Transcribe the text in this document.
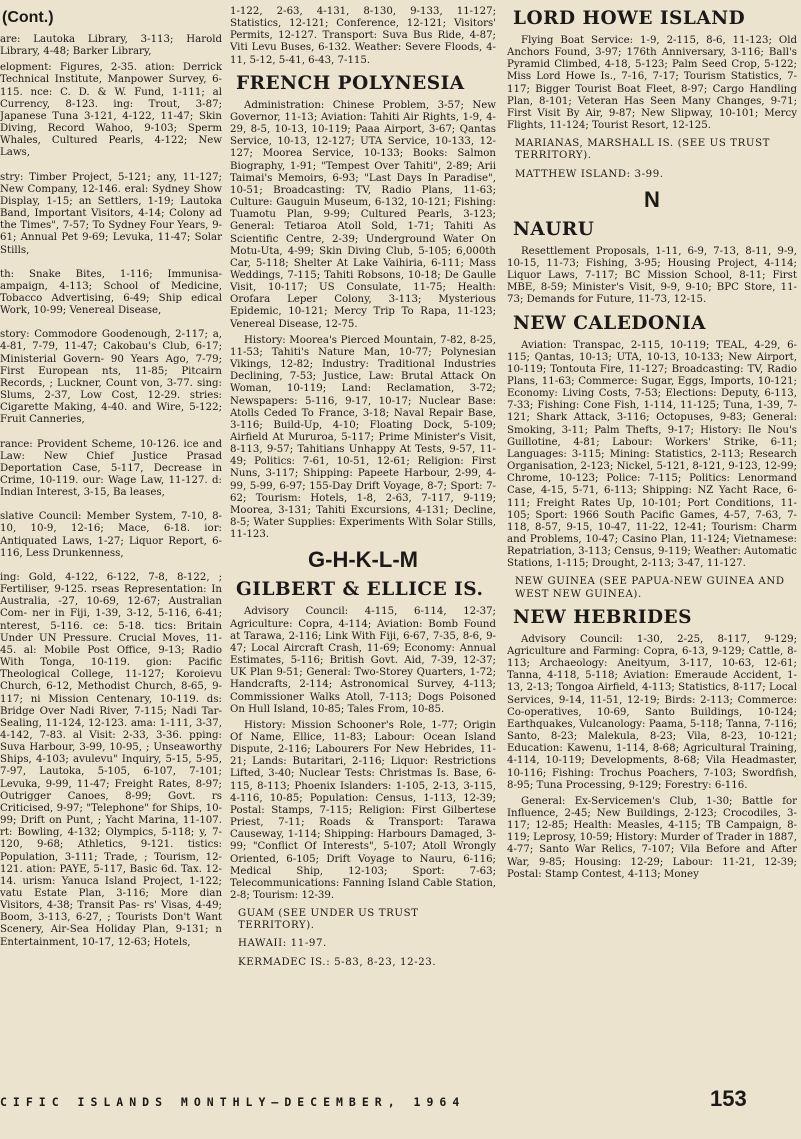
(Cont.)
are: Lautoka Library, 3-113; Harold Library, 4-48; Barker Library,
elopment: Figures, 2-35. ation: Derrick Technical Institute, Manpower Survey, 6-115. nce: C. D. & W. Fund, 1-111; al Currency, 8-123. ing: Trout, 3-87; Japanese Tuna 3-121, 4-122, 11-47; Skin Diving, Record Wahoo, 9-103; Sperm Whales, Cultured Pearls, 4-122; New Laws,
stry: Timber Project, 5-121; any, 11-127; New Company, 12-146. eral: Sydney Show Display, 1-15; an Settlers, 1-19; Lautoka Band, Important Visitors, 4-14; Colony ad the Times", 7-57; To Sydney Four Years, 9-61; Annual Pet 9-69; Levuka, 11-47; Solar Stills,
th: Snake Bites, 1-116; Immunisa- ampaign, 4-113; School of Medicine, Tobacco Advertising, 6-49; Ship edical Work, 10-99; Venereal Disease,
story: Commodore Goodenough, 2-117; a, 4-81, 7-79, 11-47; Cakobau's Club, 6-17; Ministerial Govern- 90 Years Ago, 7-79; First European nts, 11-85; Pitcairn Records, ; Luckner, Count von, 3-77. sing: Slums, 2-37, Low Cost, 12-29. stries: Cigarette Making, 4-40. and Wire, 5-122; Fruit Canneries,
rance: Provident Scheme, 10-126. ice and Law: New Chief Justice Prasad Deportation Case, 5-117, Decrease in Crime, 10-119. our: Wage Law, 11-127. d: Indian Interest, 3-15, Ba leases,
slative Council: Member System, 7-10, 8-10, 10-9, 12-16; Mace, 6-18. ior: Antiquated Laws, 1-27; Liquor Report, 6-116, Less Drunkenness,
ing: Gold, 4-122, 6-122, 7-8, 8-122, ; Fertiliser, 9-125. rseas Representation: In Australia, -27, 10-69, 12-67; Australian Com- ner in Fiji, 1-39, 3-12, 5-116, 6-41; nterest, 5-116. ce: 5-18. tics: Britain Under UN Pressure. Crucial Moves, 11-45. al: Mobile Post Office, 9-13; Radio With Tonga, 10-119. gion: Pacific Theological College, 11-127; Koroievu Church, 6-12, Methodist Church, 8-65, 9-117; ni Mission Centenary, 10-119. ds: Bridge Over Nadi River, 7-115; Nadi Tar-Sealing, 11-124, 12-123. ama: 1-111, 3-37, 4-142, 7-83. al Visit: 2-33, 3-36. pping: Suva Harbour, 3-99, 10-95, ; Unseaworthy Ships, 4-103; avulevu" Inquiry, 5-15, 5-95, 7-97, Lautoka, 5-105, 6-107, 7-101; Levuka, 9-99, 11-47; Freight Rates, 8-97; Outrigger Canoes, 8-99; Govt. rs Criticised, 9-97; "Telephone" for Ships, 10-99; Drift on Punt, ; Yacht Marina, 11-107. rt: Bowling, 4-132; Olympics, 5-118; y, 7-120, 9-68; Athletics, 9-121. tistics: Population, 3-111; Trade, ; Tourism, 12-121. ation: PAYE, 5-117, Basic 6d. Tax. 12-14. urism: Yanuca Island Project, 1-122; vatu Estate Plan, 3-116; More dian Visitors, 4-38; Transit Pas- rs' Visas, 4-49; Boom, 3-113, 6-27, ; Tourists Don't Want Scenery, Air-Sea Holiday Plan, 9-131; n Entertainment, 10-17, 12-63; Hotels,
1-122, 2-63, 4-131, 8-130, 9-133, 11-127; Statistics, 12-121; Conference, 12-121; Visitors' Permits, 12-127. Transport: Suva Bus Ride, 4-87; Viti Levu Buses, 6-132. Weather: Severe Floods, 4-11, 5-12, 5-41, 6-43, 7-115.
FRENCH POLYNESIA
Administration: Chinese Problem, 3-57; New Governor, 11-13; Aviation: Tahiti Air Rights, 1-9, 4-29, 8-5, 10-13, 10-119; Paaa Airport, 3-67; Qantas Service, 10-13, 12-127; UTA Service, 10-133, 12-127; Moorea Service, 10-133; Books: Salmon Biography, 1-91; "Tempest Over Tahiti", 2-89; Arii Taimai's Memoirs, 6-93; "Last Days In Paradise", 10-51; Broadcasting: TV, Radio Plans, 11-63; Culture: Gauguin Museum, 6-132, 10-121; Fishing: Tuamotu Plan, 9-99; Cultured Pearls, 3-123; General: Tetiaroa Atoll Sold, 1-71; Tahiti As Scientific Centre, 2-39; Underground Water On Motu-Uta, 4-99; Skin Diving Club, 5-105; 6,000th Car, 5-118; Shelter At Lake Vaihiria, 6-111; Mass Weddings, 7-115; Tahiti Robsons, 10-18; De Gaulle Visit, 10-117; US Consulate, 11-75; Health: Orofara Leper Colony, 3-113; Mysterious Epidemic, 10-121; Mercy Trip To Rapa, 11-123; Venereal Disease, 12-75.
History: Moorea's Pierced Mountain, 7-82, 8-25, 11-53; Tahiti's Nature Man, 10-77; Polynesian Vikings, 12-82; Industry: Traditional Industries Declining, 7-53; Justice, Law: Brutal Attack On Woman, 10-119; Land: Reclamation, 3-72; Newspapers: 5-116, 9-17, 10-17; Nuclear Base: Atolls Ceded To France, 3-18; Naval Repair Base, 3-116; Build-Up, 4-10; Floating Dock, 5-109; Airfield At Mururoa, 5-117; Prime Minister's Visit, 8-113, 9-57; Tahitians Unhappy At Tests, 9-57, 11-49; Politics: 7-61, 10-51, 12-61; Religion: First Nuns, 3-117; Shipping: Papeete Harbour, 2-99, 4-99, 5-99, 6-97; 155-Day Drift Voyage, 8-7; Sport: 7-62; Tourism: Hotels, 1-8, 2-63, 7-117, 9-119; Moorea, 3-131; Tahiti Excursions, 4-131; Decline, 8-5; Water Supplies: Experiments With Solar Stills, 11-123.
G-H-K-L-M
GILBERT & ELLICE IS.
Advisory Council: 4-115, 6-114, 12-37; Agriculture: Copra, 4-114; Aviation: Bomb Found at Tarawa, 2-116; Link With Fiji, 6-67, 7-35, 8-6, 9-47; Local Aircraft Crash, 11-69; Economy: Annual Estimates, 5-116; British Govt. Aid, 7-39, 12-37; UK Plan 9-51; General: Two-Storey Quarters, 1-72; Handcrafts, 2-114; Astronomical Survey, 4-113; Commissioner Walks Atoll, 7-113; Dogs Poisoned On Hull Island, 10-85; Tales From, 10-85.
History: Mission Schooner's Role, 1-77; Origin Of Name, Ellice, 11-83; Labour: Ocean Island Dispute, 2-116; Labourers For New Hebrides, 11-21; Lands: Butaritari, 2-116; Liquor: Restrictions Lifted, 3-40; Nuclear Tests: Christmas Is. Base, 6-115, 8-113; Phoenix Islanders: 1-105, 2-13, 3-115, 4-116, 10-85; Population: Census, 1-113, 12-39; Postal: Stamps, 7-115; Religion: First Gilbertese Priest, 7-11; Roads & Transport: Tarawa Causeway, 1-114; Shipping: Harbours Damaged, 3-99; "Conflict Of Interests", 5-107; Atoll Wrongly Oriented, 6-105; Drift Voyage to Nauru, 6-116; Medical Ship, 12-103; Sport: 7-63; Telecommunications: Fanning Island Cable Station, 2-8; Tourism: 12-39.
GUAM (SEE UNDER US TRUST TERRITORY).
HAWAII: 11-97.
KERMADEC IS.: 5-83, 8-23, 12-23.
LORD HOWE ISLAND
Flying Boat Service: 1-9, 2-115, 8-6, 11-123; Old Anchors Found, 3-97; 176th Anniversary, 3-116; Ball's Pyramid Climbed, 4-18, 5-123; Palm Seed Crop, 5-122; Miss Lord Howe Is., 7-16, 7-17; Tourism Statistics, 7-117; Bigger Tourist Boat Fleet, 8-97; Cargo Handling Plan, 8-101; Veteran Has Seen Many Changes, 9-71; First Visit By Air, 9-87; New Slipway, 10-101; Mercy Flights, 11-124; Tourist Resort, 12-125.
MARIANAS, MARSHALL IS. (SEE US TRUST TERRITORY).
MATTHEW ISLAND: 3-99.
N
NAURU
Resettlement Proposals, 1-11, 6-9, 7-13, 8-11, 9-9, 10-15, 11-73; Fishing, 3-95; Housing Project, 4-114; Liquor Laws, 7-117; BC Mission School, 8-11; First MBE, 8-59; Minister's Visit, 9-9, 9-10; BPC Store, 11-73; Demands for Future, 11-73, 12-15.
NEW CALEDONIA
Aviation: Transpac, 2-115, 10-119; TEAL, 4-29, 6-115; Qantas, 10-13; UTA, 10-13, 10-133; New Airport, 10-119; Tontouta Fire, 11-127; Broadcasting: TV, Radio Plans, 11-63; Commerce: Sugar, Eggs, Imports, 10-121; Economy: Living Costs, 7-53; Elections: Deputy, 6-113, 7-33; Fishing: Cone Fish, 1-114, 11-125; Tuna, 1-39, 7-121; Shark Attack, 3-116; Octopuses, 9-83; General: Smoking, 3-11; Palm Thefts, 9-17; History: Ile Nou's Guillotine, 4-81; Labour: Workers' Strike, 6-11; Languages: 3-115; Mining: Statistics, 2-113; Research Organisation, 2-123; Nickel, 5-121, 8-121, 9-123, 12-99; Chrome, 10-123; Police: 7-115; Politics: Lenormand Case, 4-15, 5-71, 6-113; Shipping: NZ Yacht Race, 6-111; Freight Rates Up, 10-101; Port Conditions, 11-105; Sport: 1966 South Pacific Games, 4-57, 7-63, 7-118, 8-57, 9-15, 10-47, 11-22, 12-41; Tourism: Charm and Problems, 10-47; Casino Plan, 11-124; Vietnamese: Repatriation, 3-113; Census, 9-119; Weather: Automatic Stations, 1-115; Drought, 2-113; 3-47, 11-127.
NEW GUINEA (SEE PAPUA-NEW GUINEA AND WEST NEW GUINEA).
NEW HEBRIDES
Advisory Council: 1-30, 2-25, 8-117, 9-129; Agriculture and Farming: Copra, 6-13, 9-129; Cattle, 8-113; Archaeology: Aneityum, 3-117, 10-63, 12-61; Tanna, 4-118, 5-118; Aviation: Emeraude Accident, 1-13, 2-13; Tongoa Airfield, 4-113; Statistics, 8-117; Local Services, 9-14, 11-51, 12-19; Birds: 2-113; Commerce: Co-operatives, 10-69, Santo Buildings, 10-124; Earthquakes, Vulcanology: Paama, 5-118; Tanna, 7-116; Santo, 8-23; Malekula, 8-23; Vila, 8-23, 10-121; Education: Kawenu, 1-114, 8-68; Agricultural Training, 4-114, 10-119; Developments, 8-68; Vila Headmaster, 10-116; Fishing: Trochus Poachers, 7-103; Swordfish, 8-95; Tuna Processing, 9-129; Forestry: 6-116.
General: Ex-Servicemen's Club, 1-30; Battle for Influence, 2-45; New Buildings, 2-123; Crocodiles, 3-117; 12-85; Health: Measles, 4-115; TB Campaign, 8-119; Leprosy, 10-59; History: Murder of Trader in 1887, 4-77; Santo War Relics, 7-107; Vila Before and After War, 9-85; Housing: 12-29; Labour: 11-21, 12-39; Postal: Stamp Contest, 4-113; Money
CIFIC ISLANDS MONTHLY—DECEMBER, 1964	153
